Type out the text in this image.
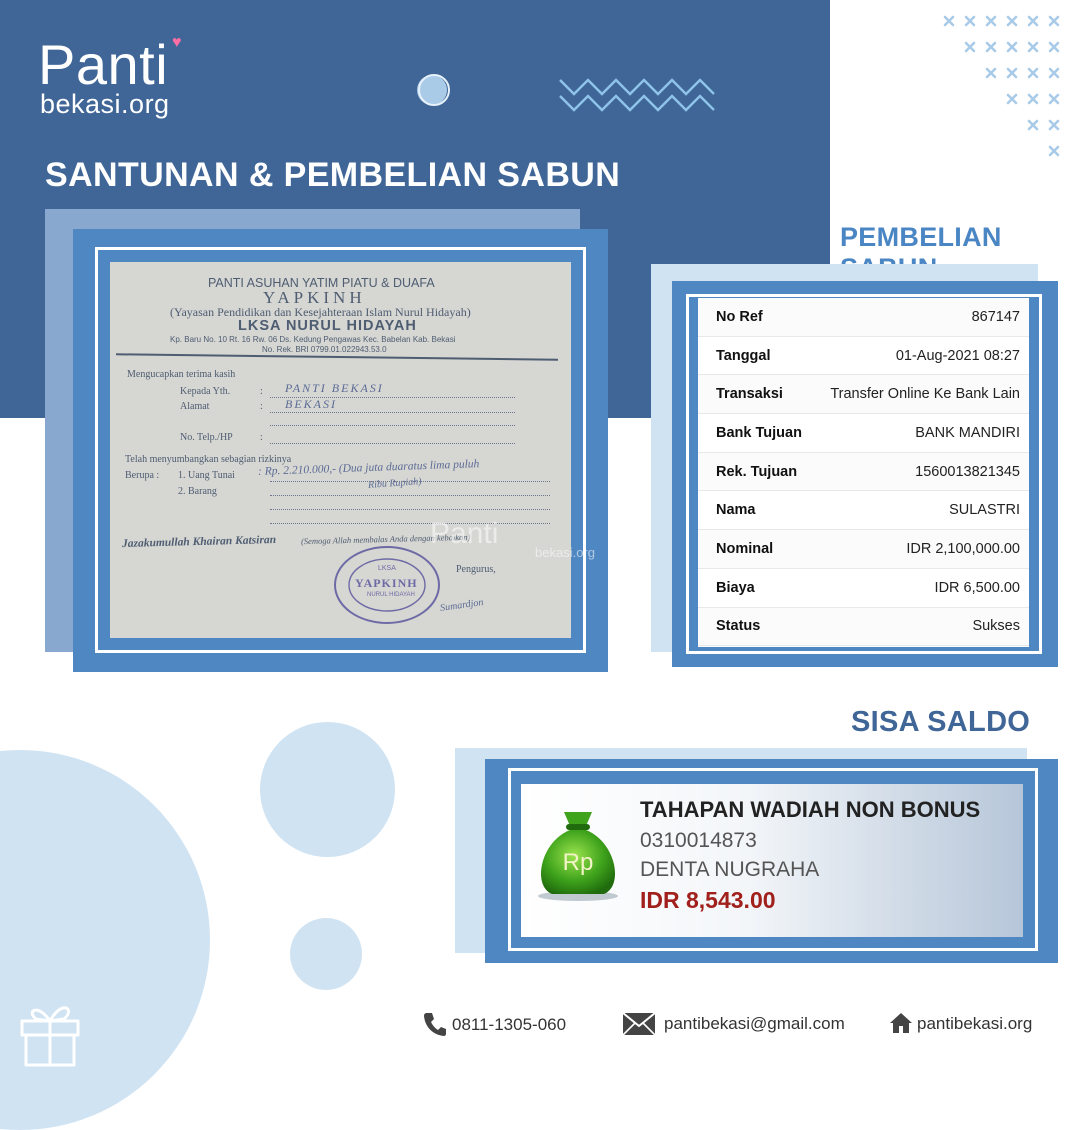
Panti ♥
bekasi.org
SANTUNAN & PEMBELIAN SABUN
PANTI ASUHAN YATIM PIATU & DUAFA
YAPKINH
(Yayasan Pendidikan dan Kesejahteraan Islam Nurul Hidayah)
LKSA NURUL HIDAYAH
Kp. Baru No. 10 Rt. 16 Rw. 06 Ds. Kedung Pengawas Kec. Babelan Kab. Bekasi
No. Rek. BRI 0799.01.022943.53.0
Mengucapkan terima kasih
Kepada Yth.	: PANTI BEKASI
Alamat	: BEKASI
No. Telp./HP	:
Telah menyumbangkan sebagian rizkinya
Berupa : 1. Uang Tunai : Rp. 2.210.000,- (Dua juta duaratus lima puluh
Ribu Rupiah)
2. Barang
Jazakumullah Khairan Katsiran	(Semoga Allah membalas Anda dengan kebaikan)
Pengurus,
LKSA
YAPKINH
NURUL HIDAYAH
Sumardjon
Panti
bekasi.org
PEMBELIAN
No Ref	867147
Tanggal	01-Aug-2021 08:27
Transaksi	Transfer Online Ke Bank Lain
Bank Tujuan	BANK MANDIRI
Rek. Tujuan	1560013821345
Nama	SULASTRI
Nominal	IDR 2,100,000.00
Biaya	IDR 6,500.00
Status	Sukses
SISA SALDO
Rp
TAHAPAN WADIAH NON BONUS
0310014873
DENTA NUGRAHA
IDR 8,543.00
0811-1305-060	pantibekasi@gmail.com	pantibekasi.org
